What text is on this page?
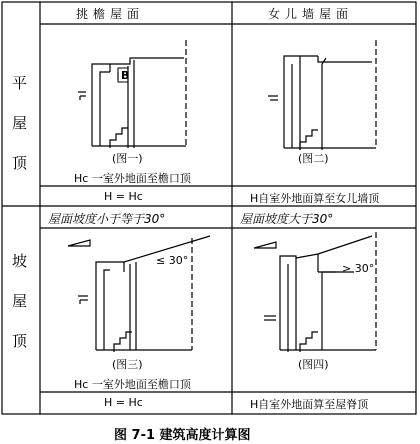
挑檐屋面	女儿墙屋面
平
屋
顶
坡
屋
顶
B
(图一)
Hc 一室外地面至檐口顶
H = Hc
(图二)
H自室外地面算至女儿墙顶
屋面坡度小于等于30°	屋面坡度大于30°
≤ 30°
> 30°
(图三)
Hc 一室外地面至檐口顶
H = Hc
(图四)
H自室外地面算至屋脊顶
图 7-1 建筑高度计算图
